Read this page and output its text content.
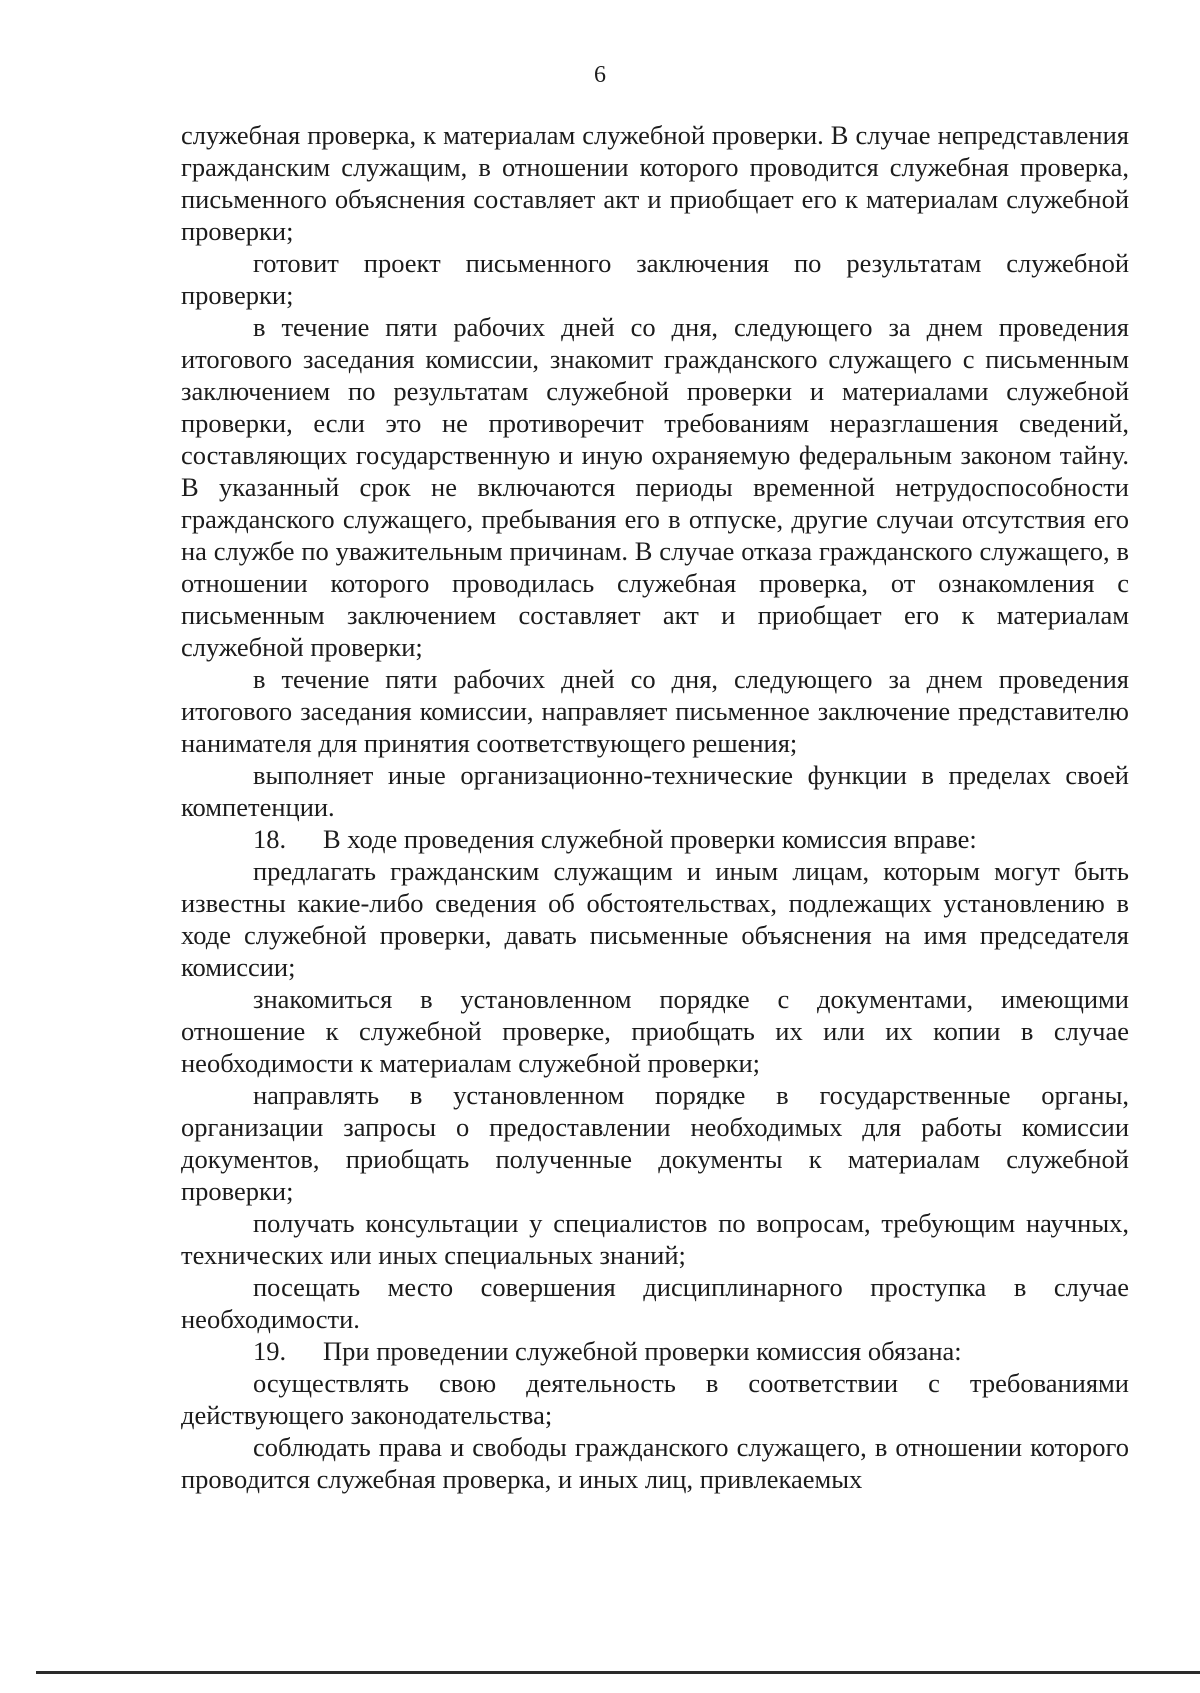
6

служебная проверка, к материалам служебной проверки. В случае непредставления гражданским служащим, в отношении которого проводится служебная проверка, письменного объяснения составляет акт и приобщает его к материалам служебной проверки;

готовит проект письменного заключения по результатам служебной проверки;

в течение пяти рабочих дней со дня, следующего за днем проведения итогового заседания комиссии, знакомит гражданского служащего с письменным заключением по результатам служебной проверки и материалами служебной проверки, если это не противоречит требованиям неразглашения сведений, составляющих государственную и иную охраняемую федеральным законом тайну. В указанный срок не включаются периоды временной нетрудоспособности гражданского служащего, пребывания его в отпуске, другие случаи отсутствия его на службе по уважительным причинам. В случае отказа гражданского служащего, в отношении которого проводилась служебная проверка, от ознакомления с письменным заключением составляет акт и приобщает его к материалам служебной проверки;

в течение пяти рабочих дней со дня, следующего за днем проведения итогового заседания комиссии, направляет письменное заключение представителю нанимателя для принятия соответствующего решения;

выполняет иные организационно-технические функции в пределах своей компетенции.

18. В ходе проведения служебной проверки комиссия вправе:

предлагать гражданским служащим и иным лицам, которым могут быть известны какие-либо сведения об обстоятельствах, подлежащих установлению в ходе служебной проверки, давать письменные объяснения на имя председателя комиссии;

знакомиться в установленном порядке с документами, имеющими отношение к служебной проверке, приобщать их или их копии в случае необходимости к материалам служебной проверки;

направлять в установленном порядке в государственные органы, организации запросы о предоставлении необходимых для работы комиссии документов, приобщать полученные документы к материалам служебной проверки;

получать консультации у специалистов по вопросам, требующим научных, технических или иных специальных знаний;

посещать место совершения дисциплинарного проступка в случае необходимости.

19. При проведении служебной проверки комиссия обязана:

осуществлять свою деятельность в соответствии с требованиями действующего законодательства;

соблюдать права и свободы гражданского служащего, в отношении которого проводится служебная проверка, и иных лиц, привлекаемых
